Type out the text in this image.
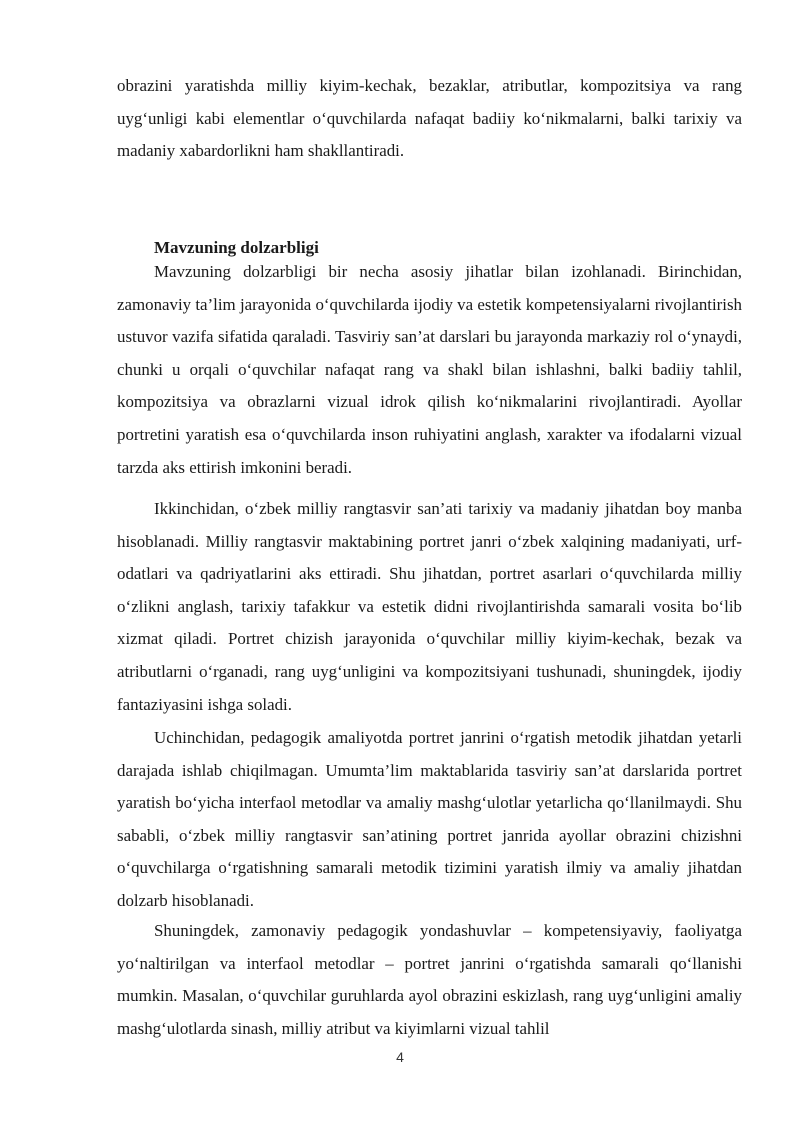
obrazini yaratishda milliy kiyim-kechak, bezaklar, atributlar, kompozitsiya va rang uyg‘unligi kabi elementlar o‘quvchilarda nafaqat badiiy ko‘nikmalarni, balki tarixiy va madaniy xabardorlikni ham shakllantiradi.

Mavzuning dolzarbligi

Mavzuning dolzarbligi bir necha asosiy jihatlar bilan izohlanadi. Birinchidan, zamonaviy ta’lim jarayonida o‘quvchilarda ijodiy va estetik kompetensiyalarni rivojlantirish ustuvor vazifa sifatida qaraladi. Tasviriy san’at darslari bu jarayonda markaziy rol o‘ynaydi, chunki u orqali o‘quvchilar nafaqat rang va shakl bilan ishlashni, balki badiiy tahlil, kompozitsiya va obrazlarni vizual idrok qilish ko‘nikmalarini rivojlantiradi. Ayollar portretini yaratish esa o‘quvchilarda inson ruhiyatini anglash, xarakter va ifodalarni vizual tarzda aks ettirish imkonini beradi.

Ikkinchidan, o‘zbek milliy rangtasvir san’ati tarixiy va madaniy jihatdan boy manba hisoblanadi. Milliy rangtasvir maktabining portret janri o‘zbek xalqining madaniyati, urf-odatlari va qadriyatlarini aks ettiradi. Shu jihatdan, portret asarlari o‘quvchilarda milliy o‘zlikni anglash, tarixiy tafakkur va estetik didni rivojlantirishda samarali vosita bo‘lib xizmat qiladi. Portret chizish jarayonida o‘quvchilar milliy kiyim-kechak, bezak va atributlarni o‘rganadi, rang uyg‘unligini va kompozitsiyani tushunadi, shuningdek, ijodiy fantaziyasini ishga soladi.

Uchinchidan, pedagogik amaliyotda portret janrini o‘rgatish metodik jihatdan yetarli darajada ishlab chiqilmagan. Umumta’lim maktablarida tasviriy san’at darslarida portret yaratish bo‘yicha interfaol metodlar va amaliy mashg‘ulotlar yetarlicha qo‘llanilmaydi. Shu sababli, o‘zbek milliy rangtasvir san’atining portret janrida ayollar obrazini chizishni o‘quvchilarga o‘rgatishning samarali metodik tizimini yaratish ilmiy va amaliy jihatdan dolzarb hisoblanadi.

Shuningdek, zamonaviy pedagogik yondashuvlar – kompetensiyaviy, faoliyatga yo‘naltirilgan va interfaol metodlar – portret janrini o‘rgatishda samarali qo‘llanishi mumkin. Masalan, o‘quvchilar guruhlarda ayol obrazini eskizlash, rang uyg‘unligini amaliy mashg‘ulotlarda sinash, milliy atribut va kiyimlarni vizual tahlil

4
